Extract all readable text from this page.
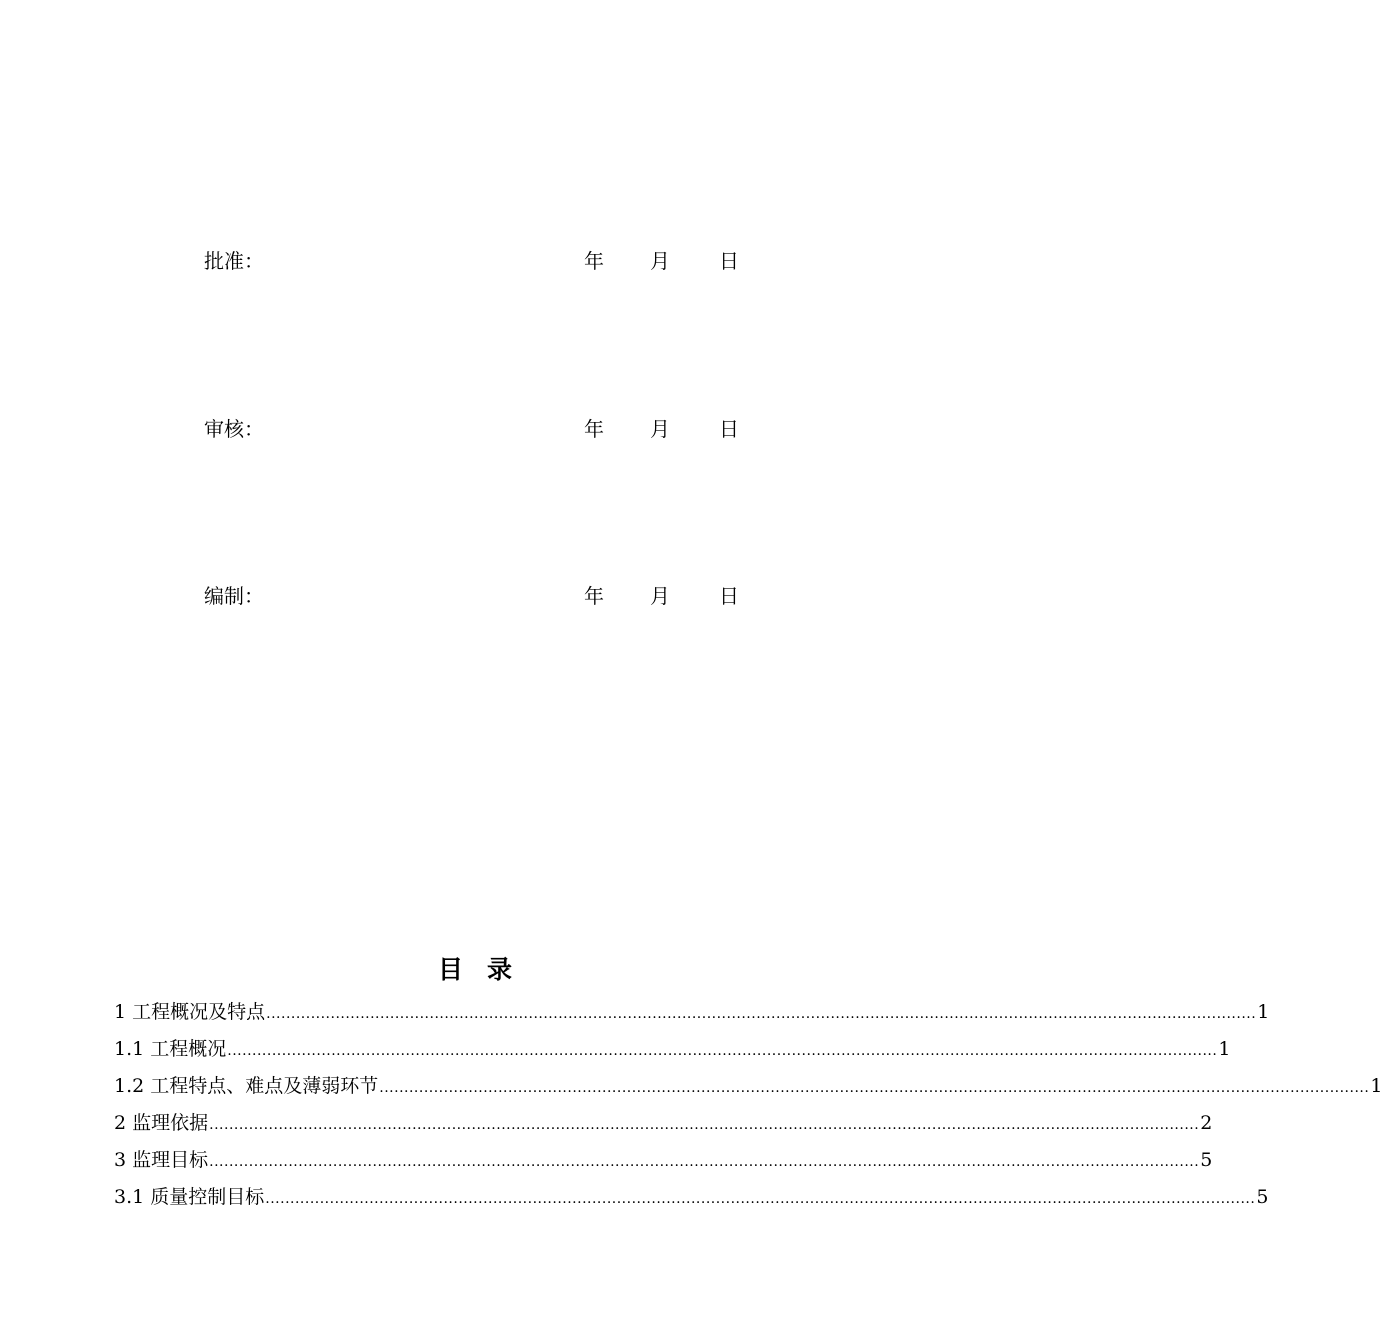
批准：	年 月 日
审核：	年 月 日
编制：	年 月 日
目 录
1 工程概况及特点 ........................................................................................................................................................................................................ 1
1.1 工程概况 ........................................................................................................................................................................................................ 1
1.2 工程特点、难点及薄弱环节 ........................................................................................................................................................................................................ 1
2 监理依据 ........................................................................................................................................................................................................ 2
3 监理目标 ........................................................................................................................................................................................................ 5
3.1 质量控制目标 ........................................................................................................................................................................................................ 5
